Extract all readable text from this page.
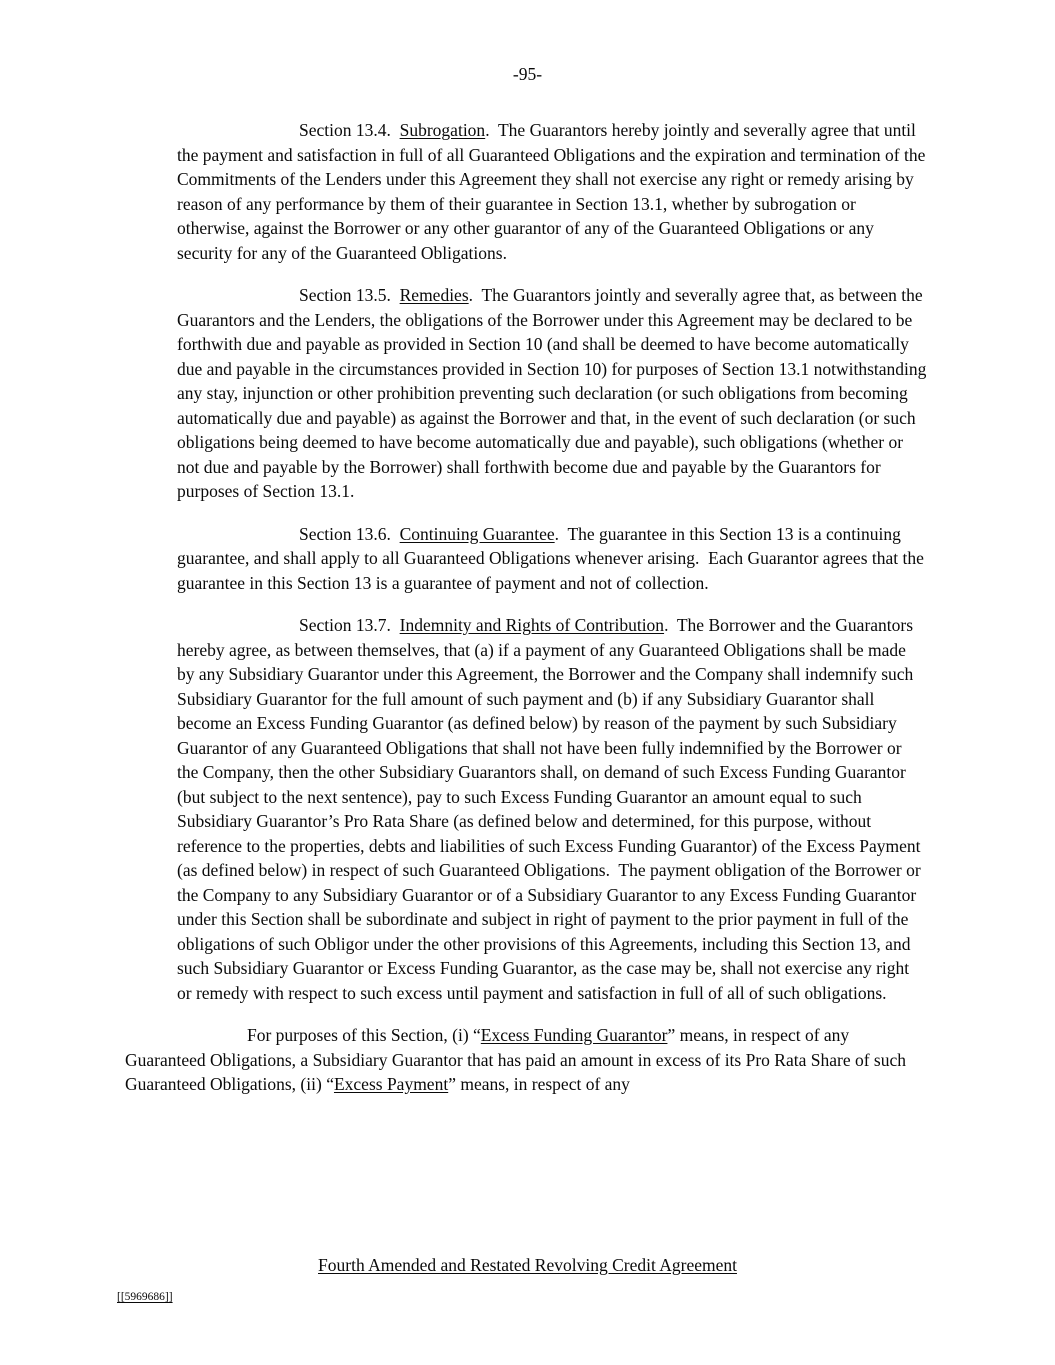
-95-

Section 13.4.  Subrogation.  The Guarantors hereby jointly and severally agree that until the payment and satisfaction in full of all Guaranteed Obligations and the expiration and termination of the Commitments of the Lenders under this Agreement they shall not exercise any right or remedy arising by reason of any performance by them of their guarantee in Section 13.1, whether by subrogation or otherwise, against the Borrower or any other guarantor of any of the Guaranteed Obligations or any security for any of the Guaranteed Obligations.

Section 13.5.  Remedies.  The Guarantors jointly and severally agree that, as between the Guarantors and the Lenders, the obligations of the Borrower under this Agreement may be declared to be forthwith due and payable as provided in Section 10 (and shall be deemed to have become automatically due and payable in the circumstances provided in Section 10) for purposes of Section 13.1 notwithstanding any stay, injunction or other prohibition preventing such declaration (or such obligations from becoming automatically due and payable) as against the Borrower and that, in the event of such declaration (or such obligations being deemed to have become automatically due and payable), such obligations (whether or not due and payable by the Borrower) shall forthwith become due and payable by the Guarantors for purposes of Section 13.1.

Section 13.6.  Continuing Guarantee.  The guarantee in this Section 13 is a continuing guarantee, and shall apply to all Guaranteed Obligations whenever arising.  Each Guarantor agrees that the guarantee in this Section 13 is a guarantee of payment and not of collection.

Section 13.7.  Indemnity and Rights of Contribution.  The Borrower and the Guarantors hereby agree, as between themselves, that (a) if a payment of any Guaranteed Obligations shall be made by any Subsidiary Guarantor under this Agreement, the Borrower and the Company shall indemnify such Subsidiary Guarantor for the full amount of such payment and (b) if any Subsidiary Guarantor shall become an Excess Funding Guarantor (as defined below) by reason of the payment by such Subsidiary Guarantor of any Guaranteed Obligations that shall not have been fully indemnified by the Borrower or the Company, then the other Subsidiary Guarantors shall, on demand of such Excess Funding Guarantor (but subject to the next sentence), pay to such Excess Funding Guarantor an amount equal to such Subsidiary Guarantor’s Pro Rata Share (as defined below and determined, for this purpose, without reference to the properties, debts and liabilities of such Excess Funding Guarantor) of the Excess Payment (as defined below) in respect of such Guaranteed Obligations.  The payment obligation of the Borrower or the Company to any Subsidiary Guarantor or of a Subsidiary Guarantor to any Excess Funding Guarantor under this Section shall be subordinate and subject in right of payment to the prior payment in full of the obligations of such Obligor under the other provisions of this Agreements, including this Section 13, and such Subsidiary Guarantor or Excess Funding Guarantor, as the case may be, shall not exercise any right or remedy with respect to such excess until payment and satisfaction in full of all of such obligations.

For purposes of this Section, (i) “Excess Funding Guarantor” means, in respect of any Guaranteed Obligations, a Subsidiary Guarantor that has paid an amount in excess of its Pro Rata Share of such Guaranteed Obligations, (ii) “Excess Payment” means, in respect of any

Fourth Amended and Restated Revolving Credit Agreement
[[5969686]]
